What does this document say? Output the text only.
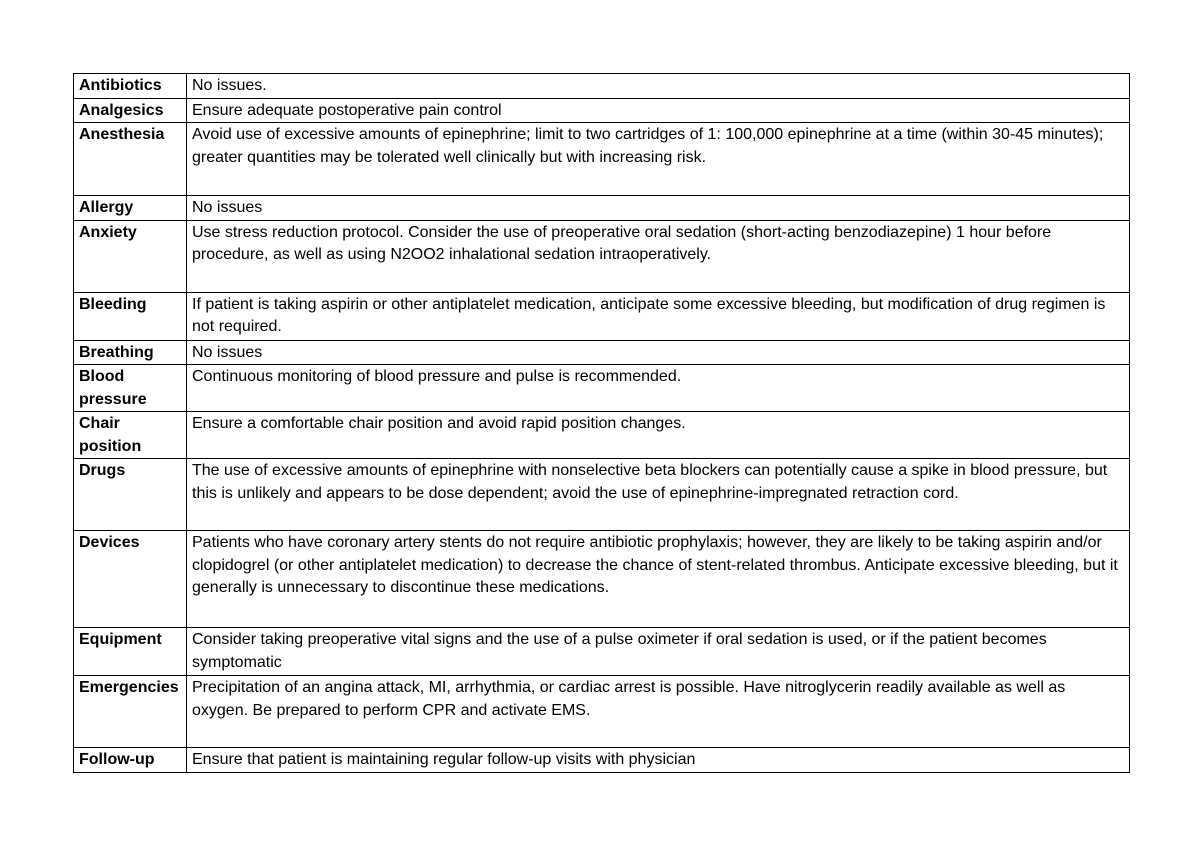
Antibiotics	No issues.
Analgesics	Ensure adequate postoperative pain control
Anesthesia	Avoid use of excessive amounts of epinephrine; limit to two cartridges of 1: 100,000 epinephrine at a time (within 30-45 minutes); greater quantities may be tolerated well clinically but with increasing risk.
Allergy	No issues
Anxiety	Use stress reduction protocol. Consider the use of preoperative oral sedation (short-acting benzodiazepine) 1 hour before procedure, as well as using N2OO2 inhalational sedation intraoperatively.
Bleeding	If patient is taking aspirin or other antiplatelet medication, anticipate some excessive bleeding, but modification of drug regimen is not required.
Breathing	No issues
Blood pressure	Continuous monitoring of blood pressure and pulse is recommended.
Chair position	Ensure a comfortable chair position and avoid rapid position changes.
Drugs	The use of excessive amounts of epinephrine with nonselective beta blockers can potentially cause a spike in blood pressure, but this is unlikely and appears to be dose dependent; avoid the use of epinephrine-impregnated retraction cord.
Devices	Patients who have coronary artery stents do not require antibiotic prophylaxis; however, they are likely to be taking aspirin and/or clopidogrel (or other antiplatelet medication) to decrease the chance of stent-related thrombus. Anticipate excessive bleeding, but it generally is unnecessary to discontinue these medications.
Equipment	Consider taking preoperative vital signs and the use of a pulse oximeter if oral sedation is used, or if the patient becomes symptomatic
Emergencies	Precipitation of an angina attack, MI, arrhythmia, or cardiac arrest is possible. Have nitroglycerin readily available as well as oxygen. Be prepared to perform CPR and activate EMS.
Follow-up	Ensure that patient is maintaining regular follow-up visits with physician
